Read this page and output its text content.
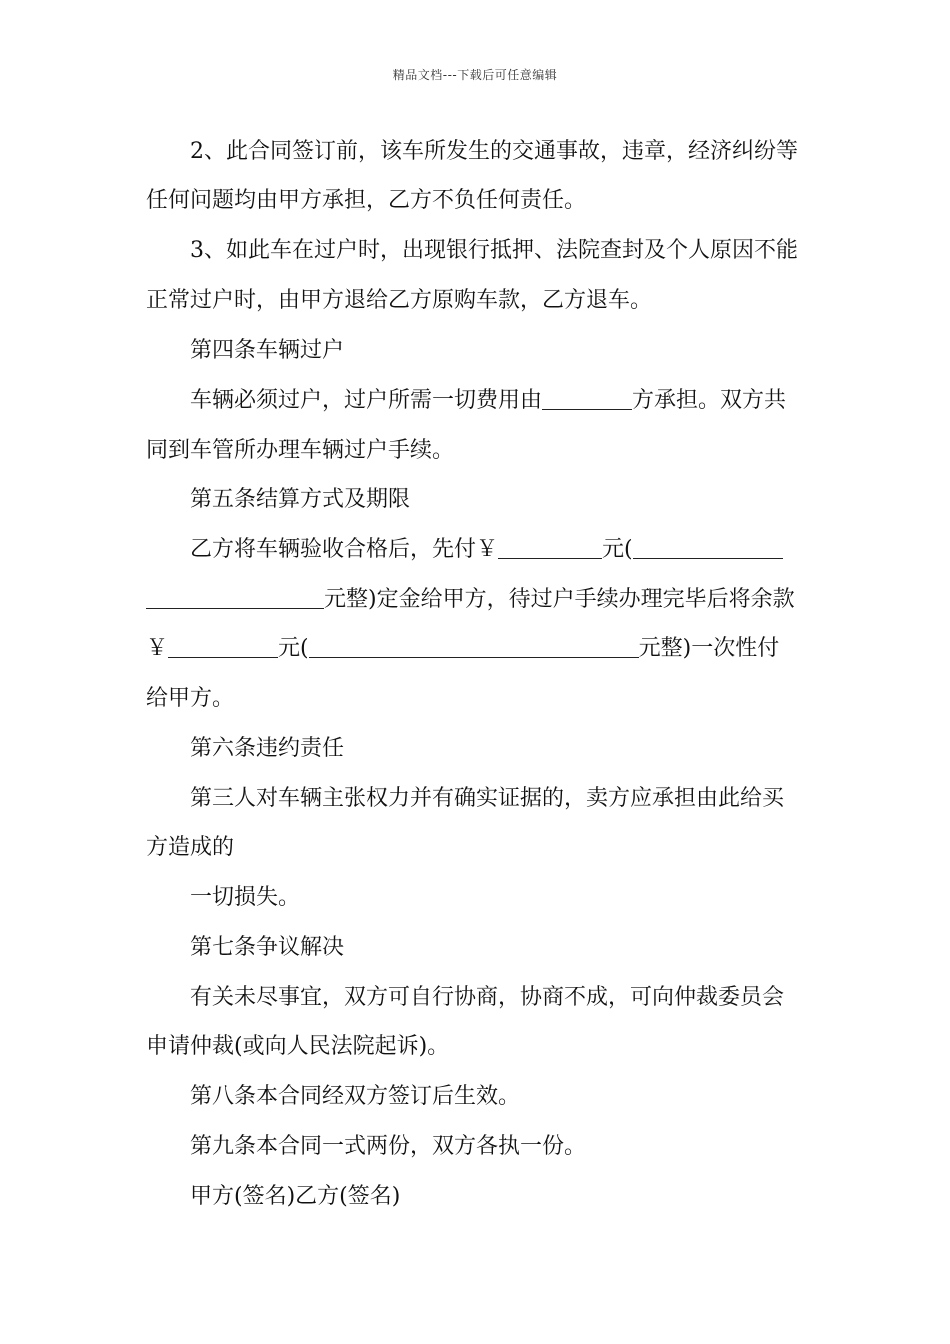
精品文档---下载后可任意编辑
2、此合同签订前，该车所发生的交通事故，违章，经济纠纷等
任何问题均由甲方承担，乙方不负任何责任。
3、如此车在过户时，出现银行抵押、法院查封及个人原因不能
正常过户时，由甲方退给乙方原购车款，乙方退车。
第四条车辆过户
车辆必须过户，过户所需一切费用由	方承担。双方共
同到车管所办理车辆过户手续。
第五条结算方式及期限
乙方将车辆验收合格后，先付￥	元(
元整)定金给甲方，待过户手续办理完毕后将余款
￥	元(	元整)一次性付
给甲方。
第六条违约责任
第三人对车辆主张权力并有确实证据的，卖方应承担由此给买
方造成的
一切损失。
第七条争议解决
有关未尽事宜，双方可自行协商，协商不成，可向仲裁委员会
申请仲裁(或向人民法院起诉)。
第八条本合同经双方签订后生效。
第九条本合同一式两份，双方各执一份。
甲方(签名)乙方(签名)
